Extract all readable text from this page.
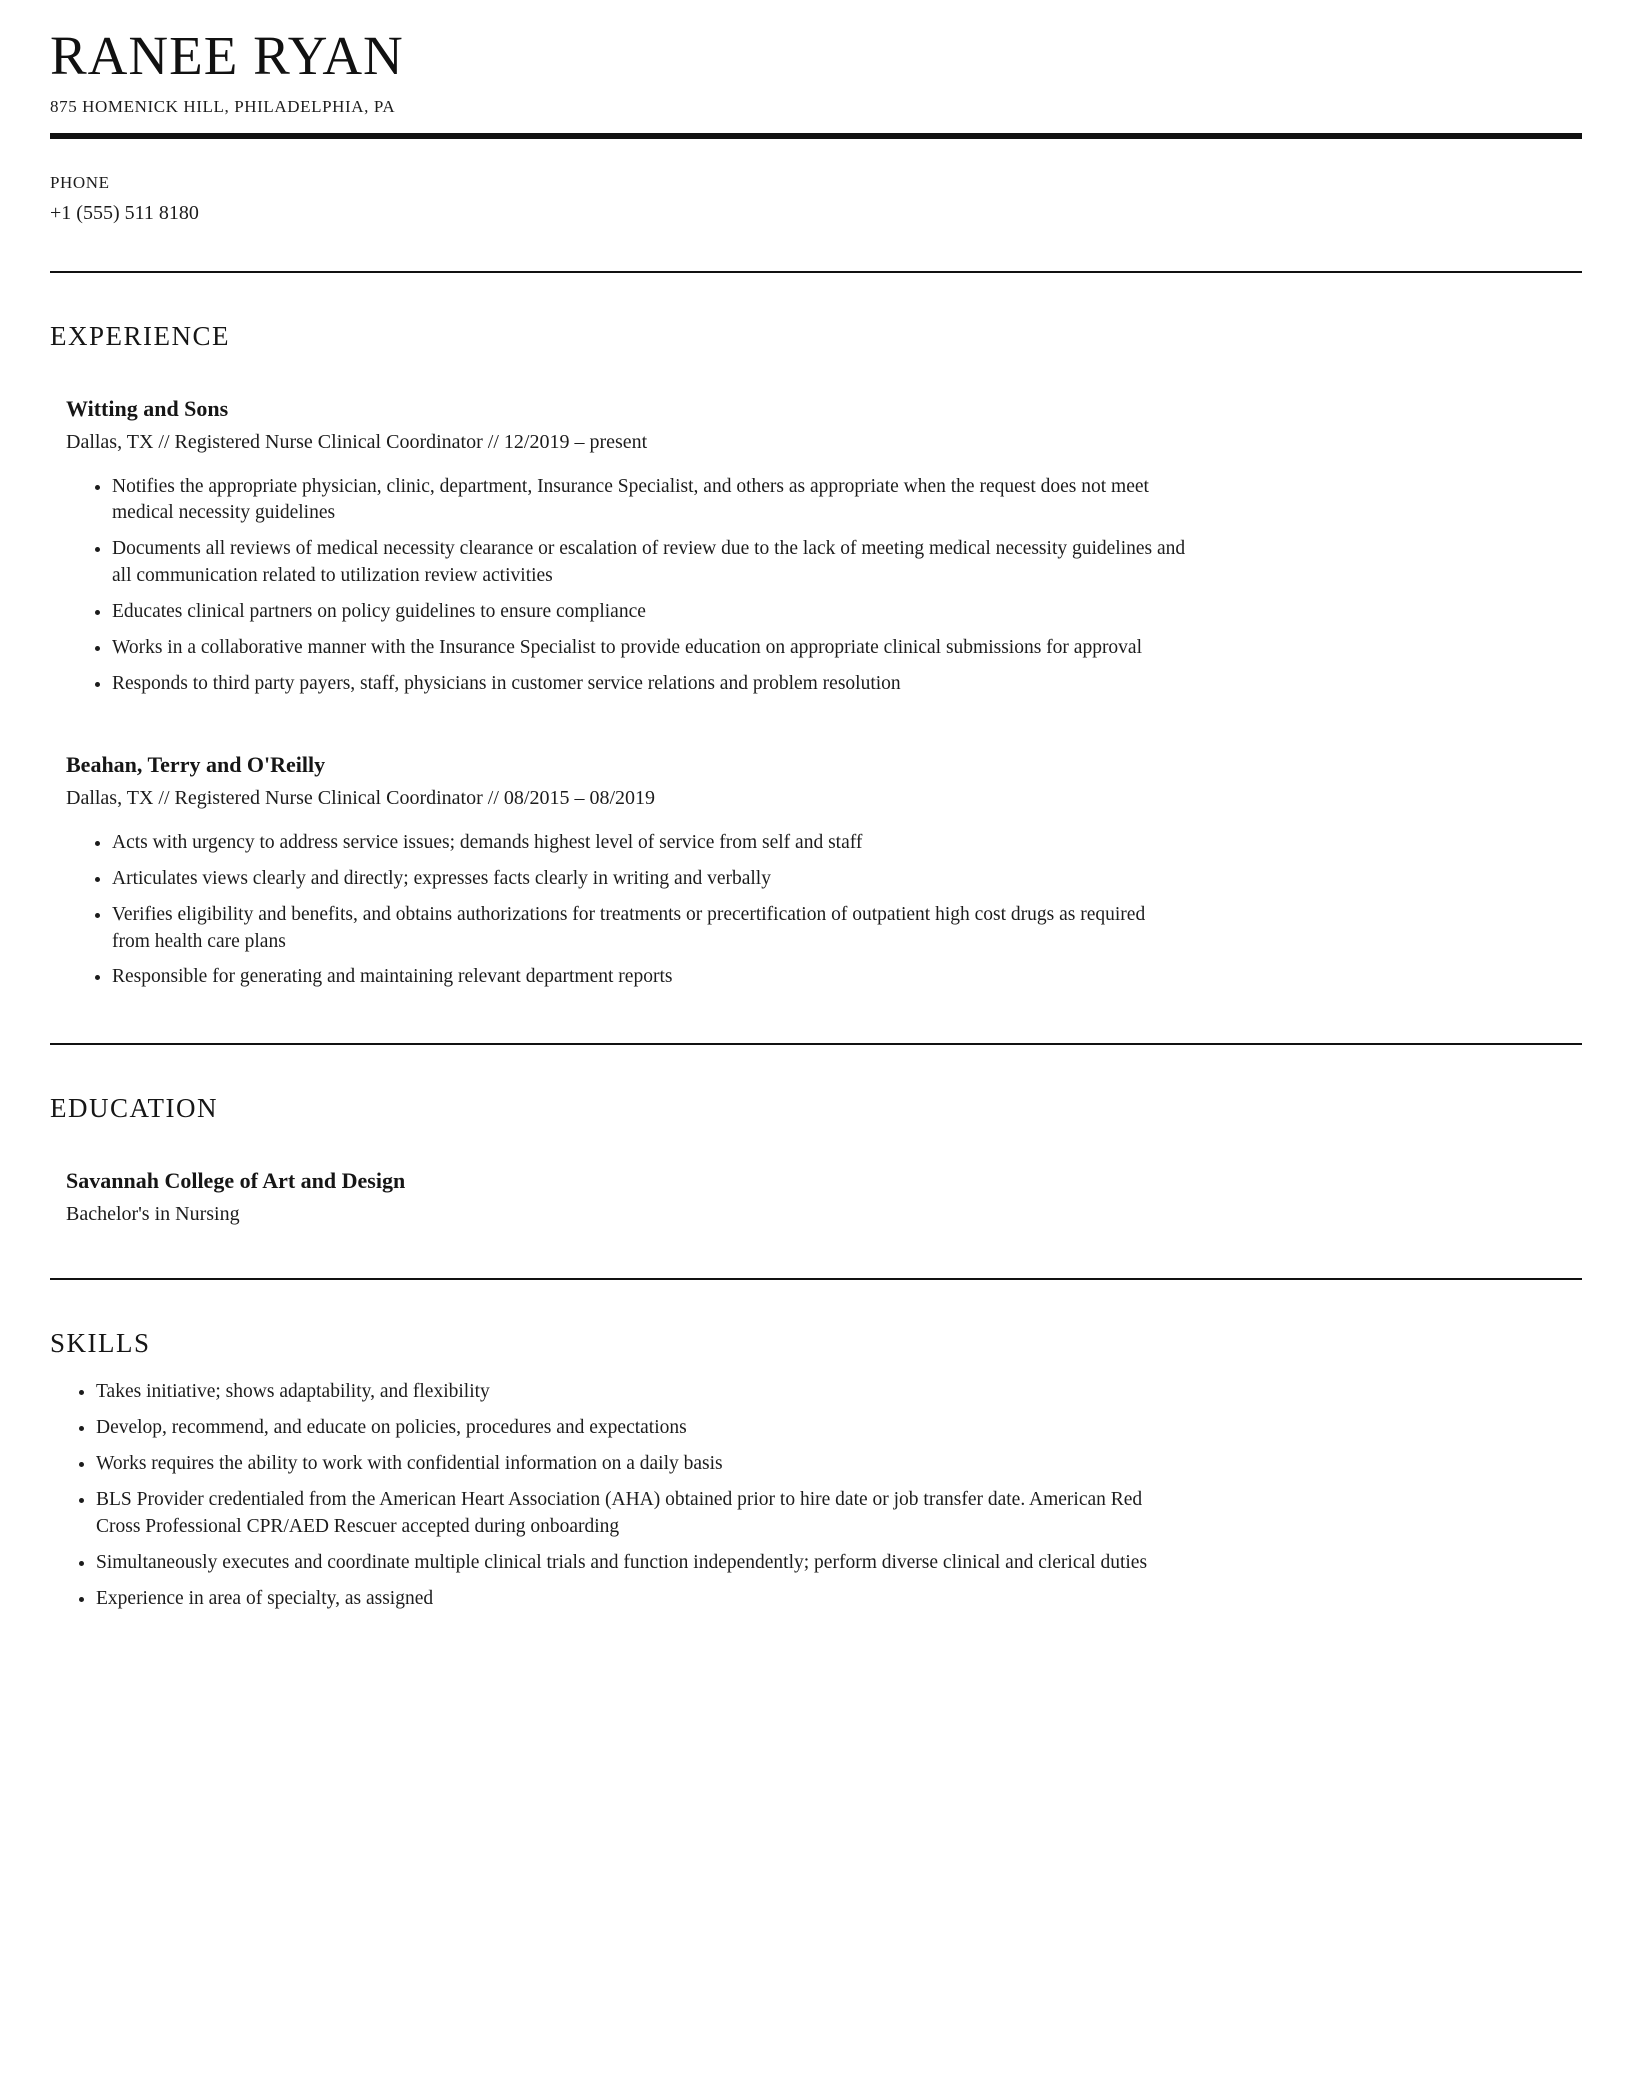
RANEE RYAN
875 HOMENICK HILL, PHILADELPHIA, PA
PHONE
+1 (555) 511 8180
EXPERIENCE
Witting and Sons
Dallas, TX // Registered Nurse Clinical Coordinator // 12/2019 – present
• Notifies the appropriate physician, clinic, department, Insurance Specialist, and others as appropriate when the request does not meet medical necessity guidelines
• Documents all reviews of medical necessity clearance or escalation of review due to the lack of meeting medical necessity guidelines and all communication related to utilization review activities
• Educates clinical partners on policy guidelines to ensure compliance
• Works in a collaborative manner with the Insurance Specialist to provide education on appropriate clinical submissions for approval
• Responds to third party payers, staff, physicians in customer service relations and problem resolution
Beahan, Terry and O'Reilly
Dallas, TX // Registered Nurse Clinical Coordinator // 08/2015 – 08/2019
• Acts with urgency to address service issues; demands highest level of service from self and staff
• Articulates views clearly and directly; expresses facts clearly in writing and verbally
• Verifies eligibility and benefits, and obtains authorizations for treatments or precertification of outpatient high cost drugs as required from health care plans
• Responsible for generating and maintaining relevant department reports
EDUCATION
Savannah College of Art and Design
Bachelor's in Nursing
SKILLS
• Takes initiative; shows adaptability, and flexibility
• Develop, recommend, and educate on policies, procedures and expectations
• Works requires the ability to work with confidential information on a daily basis
• BLS Provider credentialed from the American Heart Association (AHA) obtained prior to hire date or job transfer date. American Red Cross Professional CPR/AED Rescuer accepted during onboarding
• Simultaneously executes and coordinate multiple clinical trials and function independently; perform diverse clinical and clerical duties
• Experience in area of specialty, as assigned
